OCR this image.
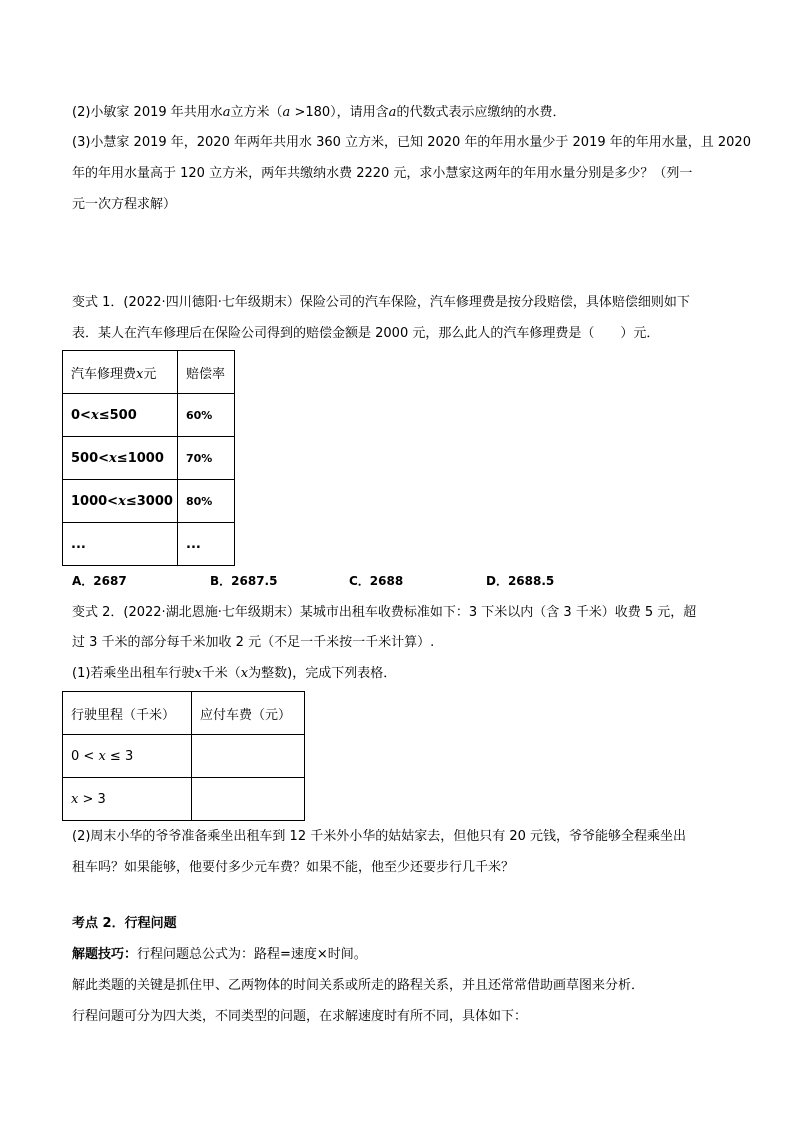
(2)小敏家 2019 年共用水a立方米（a >180），请用含a的代数式表示应缴纳的水费．
(3)小慧家 2019 年，2020 年两年共用水 360 立方米，已知 2020 年的年用水量少于 2019 年的年用水量，且 2020
年的年用水量高于 120 立方米，两年共缴纳水费 2220 元，求小慧家这两年的年用水量分别是多少？（列一
元一次方程求解）
变式 1．(2022·四川德阳·七年级期末）保险公司的汽车保险，汽车修理费是按分段赔偿，具体赔偿细则如下
表．某人在汽车修理后在保险公司得到的赔偿金额是 2000 元，那么此人的汽车修理费是（　　）元．
汽车修理费x元	赔偿率
0<x≤500	60%
500<x≤1000	70%
1000<x≤3000	80%
...	...
A．2687	B．2687.5	C．2688	D．2688.5
变式 2．(2022·湖北恩施·七年级期末）某城市出租车收费标准如下：3 下米以内（含 3 千米）收费 5 元，超
过 3 千米的部分每千米加收 2 元（不足一千米按一千米计算）.
(1)若乘坐出租车行驶x千米（x为整数)，完成下列表格．
行驶里程（千米）	应付车费（元）
0 < x ≤ 3	
x > 3	
(2)周末小华的爷爷准备乘坐出租车到 12 千米外小华的姑姑家去，但他只有 20 元钱，爷爷能够全程乘坐出
租车吗？如果能够，他要付多少元车费？如果不能，他至少还要步行几千米？
考点 2．行程问题
解题技巧：行程问题总公式为：路程=速度×时间。
解此类题的关键是抓住甲、乙两物体的时间关系或所走的路程关系，并且还常常借助画草图来分析．
行程问题可分为四大类，不同类型的问题，在求解速度时有所不同，具体如下：
